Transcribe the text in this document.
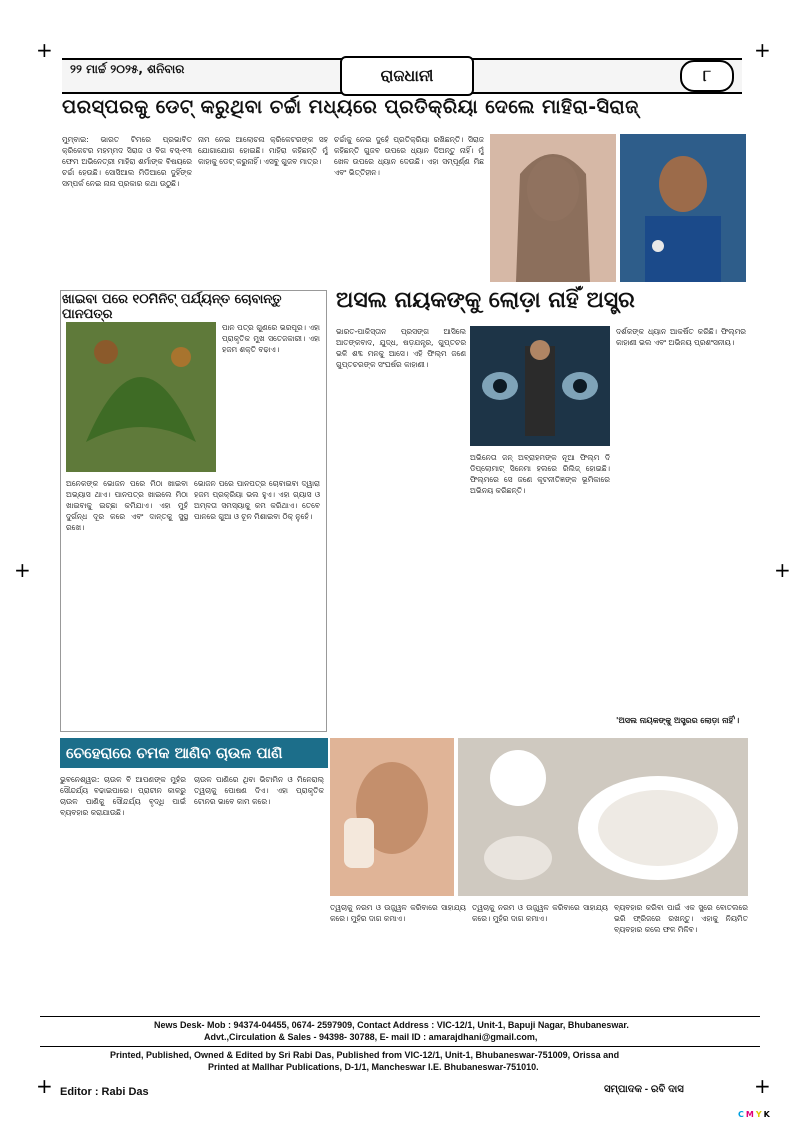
+	+
+	+
+	+
୨୨ ମାର୍ଚ୍ଚ ୨୦୨୫, ଶନିବାର	ରାଜଧାନୀ	୮
ପରସ୍ପରକୁ ଡେଟ୍ କରୁଥିବା ଚର୍ଚ୍ଚା ମଧ୍ୟରେ ପ୍ରତିକ୍ରିୟା ଦେଲେ ମାହିରା-ସିରାଜ୍
ମୁମ୍ବାଇ: ଭାରତ ଟିମରେ ପ୍ରଭାବିତ କ୍ରିକେଟର ମହମ୍ମଦ ସିରାଜ ଓ ବିଗ ବସ୍-୧୩ ଫେମ ଅଭିନେତ୍ରୀ ମାହିରା ଶର୍ମାଙ୍କ ବିଷୟରେ ଚର୍ଚ୍ଚା ହେଉଛି। ସୋସିଆଲ ମିଡିଆରେ ଦୁହିଁଙ୍କ ସମ୍ପର୍କ ନେଇ ନାନା ପ୍ରକାର କଥା ଉଠୁଛି।
ନାମ ନେଇ ଆଲୋଚନା କ୍ରିକେଟରଙ୍କ ସହ ଯୋଗାଯୋଗ ହୋଇଛି। ମାହିରା କହିଛନ୍ତି ମୁଁ କାହାକୁ ଡେଟ୍ କରୁନାହିଁ। ଏସବୁ ଗୁଜବ ମାତ୍ର।
ଚର୍ଚ୍ଚାକୁ ନେଇ ଦୁହେଁ ପ୍ରତିକ୍ରିୟା ରଖିଛନ୍ତି। ସିରାଜ କହିଛନ୍ତି ଗୁଜବ ଉପରେ ଧ୍ୟାନ ଦିଅନ୍ତୁ ନାହିଁ। ମୁଁ ଖେଳ ଉପରେ ଧ୍ୟାନ ଦେଉଛି। ଏହା ସମ୍ପୂର୍ଣ୍ଣ ମିଛ ଏବଂ ଭିତ୍ତିହୀନ।
ଖାଇବା ପରେ ୧୦ମିନିଟ୍ ପର୍ଯ୍ୟନ୍ତ ଚୋବାନ୍ତୁ ପାନପତ୍ର
ପାନ ପତ୍ର ଗୁଣରେ ଭରପୂର। ଏହା ପ୍ରାକୃତିକ ମୁଖ ସତେଜକାରୀ। ଏହା ହଜମ ଶକ୍ତି ବଢାଏ।
ଅନେକଙ୍କ ଭୋଜନ ପରେ ମିଠା ଖାଇବା ଅଭ୍ୟାସ ଥାଏ। ପାନପତ୍ର ଖାଇଲେ ମିଠା ଖାଇବାକୁ ଇଚ୍ଛା କମିଯାଏ। ଏହା ମୁହଁ ଦୁର୍ଗନ୍ଧ ଦୂର କରେ ଏବଂ ଦାନ୍ତକୁ ସୁସ୍ଥ ରଖେ।
ଭୋଜନ ପରେ ପାନପତ୍ର ଚୋବାଇବା ଦ୍ୱାରା ହଜମ ପ୍ରକ୍ରିୟା ଭଲ ହୁଏ। ଏହା ଗ୍ୟାସ ଓ ଅମ୍ଳତା ସମସ୍ୟାକୁ କମ କରିଥାଏ। ତେବେ ପାନରେ ଗୁଆ ଓ ଚୂନ ମିଶାଇବା ଠିକ୍ ନୁହେଁ।
ଅସଲ ନାୟକଙ୍କୁ ଲୋଡ଼ା ନାହିଁ ଅସ୍ତ୍ର
ଭାରତ-ପାକିସ୍ତାନ ପ୍ରସଙ୍ଗ ଆସିଲେ ଆତଙ୍କବାଦ, ଯୁଦ୍ଧ, ଷଡ଼ଯନ୍ତ୍ର, ଗୁପ୍ତଚର ଭଳି ଶବ୍ଦ ମନକୁ ଆସେ। ଏହି ଫିଲ୍ମ ଜଣେ ଗୁପ୍ତଚରଙ୍କ ସଂଘର୍ଷର କାହାଣୀ।
ଅଭିନେତା ଜନ୍ ଅବ୍ରାହମଙ୍କ ନୂଆ ଫିଲ୍ମ ଦି ଡିପ୍ଲୋମାଟ୍ ସିନେମା ହଲରେ ରିଲିଜ୍ ହୋଇଛି। ଫିଲ୍ମରେ ସେ ଜଣେ କୂଟନୀତିଜ୍ଞଙ୍କ ଭୂମିକାରେ ଅଭିନୟ କରିଛନ୍ତି।
ଦର୍ଶକଙ୍କ ଧ୍ୟାନ ଆକର୍ଷିତ କରିଛି। ଫିଲ୍ମର କାହାଣୀ ଭଲ ଏବଂ ଅଭିନୟ ପ୍ରଶଂସନୀୟ।
'ଅସଲ ନାୟକଙ୍କୁ ଅସ୍ତ୍ରର ଲୋଡ଼ା ନାହିଁ'।
ଚେହେରାରେ ଚମକ ଆଣିବ ଚାଉଳ ପାଣି
ଭୁବନେଶ୍ୱର: ଚାଉଳ ବି ଆପଣଙ୍କ ମୁହଁର ସୌନ୍ଦର୍ଯ୍ୟ ବଢାଇପାରେ। ପ୍ରାଚୀନ କାଳରୁ ଚାଉଳ ପାଣିକୁ ସୌନ୍ଦର୍ଯ୍ୟ ବୃଦ୍ଧି ପାଇଁ ବ୍ୟବହାର କରାଯାଉଛି।
ଚାଉଳ ପାଣିରେ ଥିବା ଭିଟାମିନ ଓ ମିନେରାଲ୍ ତ୍ୱଚାକୁ ପୋଷଣ ଦିଏ। ଏହା ପ୍ରାକୃତିକ ଟୋନର ଭାବେ କାମ କରେ।
ତ୍ୱଚାକୁ ନରମ ଓ ଉଜ୍ଜ୍ୱଳ କରିବାରେ ସାହାଯ୍ୟ କରେ। ମୁହଁର ଦାଗ କମାଏ।
ତ୍ୱଚାକୁ ନରମ ଓ ଉଜ୍ଜ୍ୱଳ କରିବାରେ ସାହାଯ୍ୟ କରେ। ମୁହଁର ଦାଗ କମାଏ।
ବ୍ୟବହାର କରିବା ପାଇଁ ଏକ ସ୍ପ୍ରେ ବୋତଲରେ ଭରି ଫ୍ରିଜରେ ରଖନ୍ତୁ। ଏହାକୁ ନିୟମିତ ବ୍ୟବହାର କଲେ ଫଳ ମିଳିବ।
News Desk- Mob : 94374-04455, 0674- 2597909, Contact Address : VIC-12/1, Unit-1, Bapuji Nagar, Bhubaneswar.
Advt.,Circulation & Sales - 94398- 30788, E- mail ID : amarajdhani@gmail.com,
Printed, Published, Owned & Edited by Sri Rabi Das, Published from VIC-12/1, Unit-1, Bhubaneswar-751009, Orissa and
Printed at Mallhar Publications, D-1/1, Mancheswar I.E. Bhubaneswar-751010.
Editor : Rabi Das	ସମ୍ପାଦକ - ରବି ଦାସ
C M Y K
